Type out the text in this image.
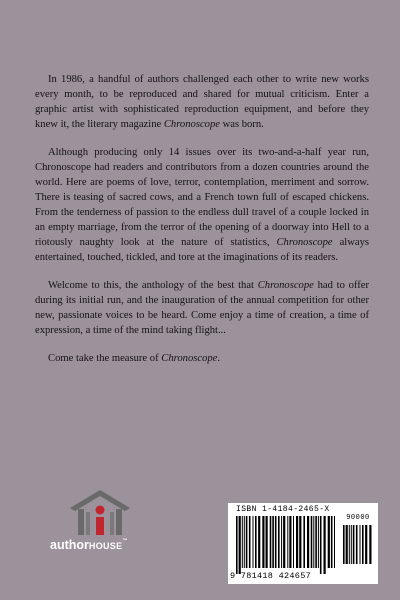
In 1986, a handful of authors challenged each other to write new works every month, to be reproduced and shared for mutual criticism. Enter a graphic artist with sophisticated reproduction equipment, and before they knew it, the literary magazine Chronoscope was born.

Although producing only 14 issues over its two-and-a-half year run, Chronoscope had readers and contributors from a dozen countries around the world. Here are poems of love, terror, contemplation, merriment and sorrow. There is teasing of sacred cows, and a French town full of escaped chickens. From the tenderness of passion to the endless dull travel of a couple locked in an empty marriage, from the terror of the opening of a doorway into Hell to a riotously naughty look at the nature of statistics, Chronoscope always entertained, touched, tickled, and tore at the imaginations of its readers.

Welcome to this, the anthology of the best that Chronoscope had to offer during its initial run, and the inauguration of the annual competition for other new, passionate voices to be heard. Come enjoy a time of creation, a time of expression, a time of the mind taking flight...

Come take the measure of Chronoscope.

authorHOUSE™
ISBN 1-4184-2465-X
90000
9 781418 424657
